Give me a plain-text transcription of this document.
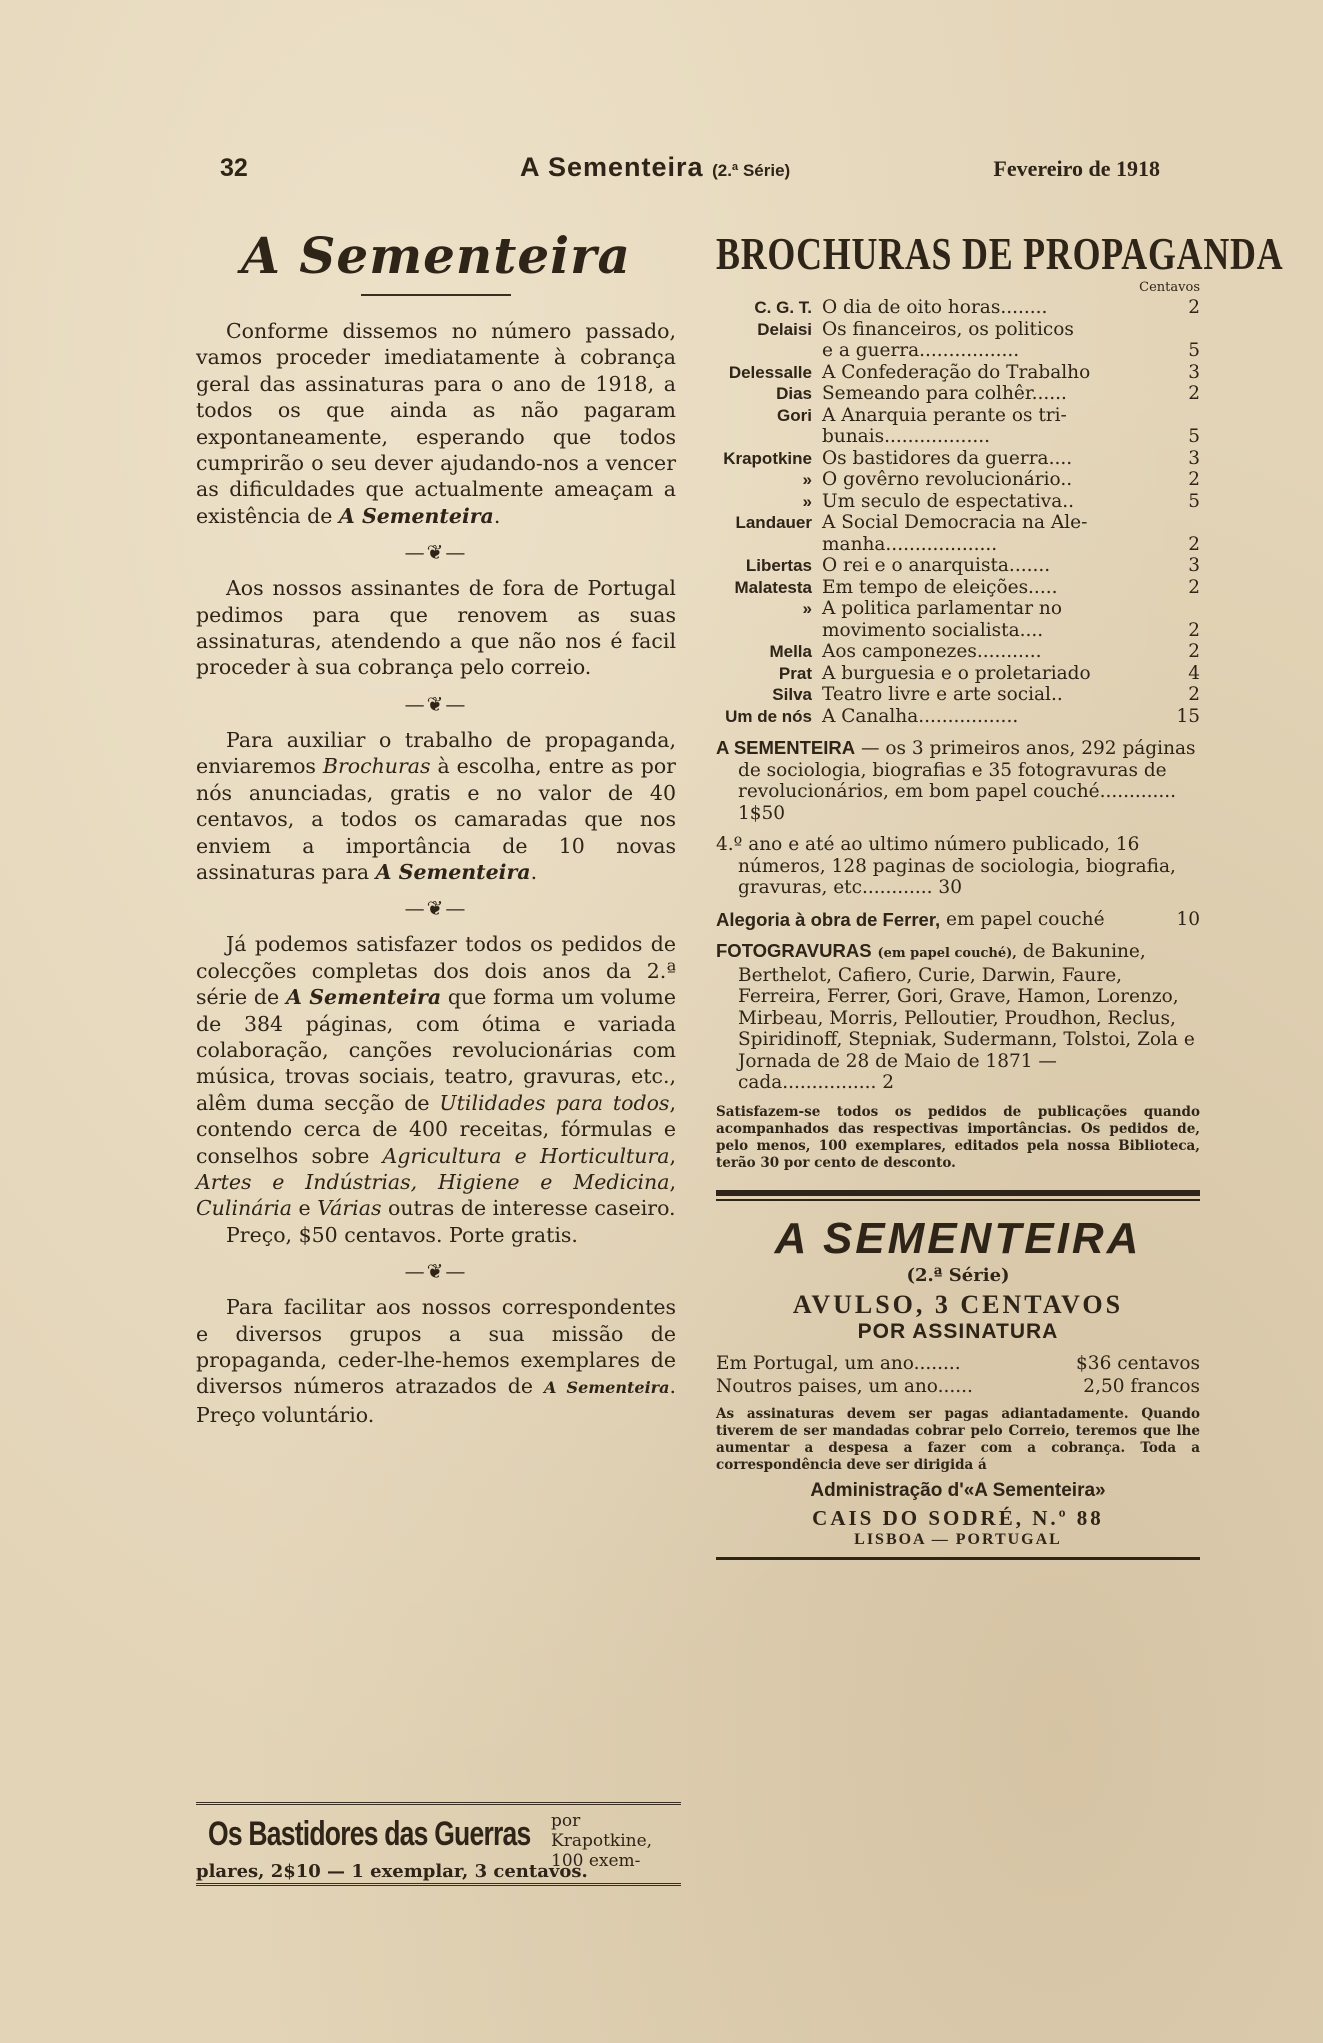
32	A Sementeira (2.ª Série)	Fevereiro de 1918
A Sementeira

Conforme dissemos no número passado, vamos proceder imediatamente à cobrança geral das assinaturas para o ano de 1918, a todos os que ainda as não pagaram expontaneamente, esperando que todos cumprirão o seu dever ajudando-nos a vencer as dificuldades que actualmente ameaçam a existência de A Sementeira.

—❦—

Aos nossos assinantes de fora de Portugal pedimos para que renovem as suas assinaturas, atendendo a que não nos é facil proceder à sua cobrança pelo correio.

—❦—

Para auxiliar o trabalho de propaganda, enviaremos Brochuras à escolha, entre as por nós anunciadas, gratis e no valor de 40 centavos, a todos os camaradas que nos enviem a importância de 10 novas assinaturas para A Sementeira.

—❦—

Já podemos satisfazer todos os pedidos de colecções completas dos dois anos da 2.ª série de A Sementeira que forma um volume de 384 páginas, com ótima e variada colaboração, canções revolucionárias com música, trovas sociais, teatro, gravuras, etc., alêm duma secção de Utilidades para todos, contendo cerca de 400 receitas, fórmulas e conselhos sobre Agricultura e Horticultura, Artes e Indústrias, Higiene e Medicina, Culinária e Várias outras de interesse caseiro.

Preço, $50 centavos. Porte gratis.

—❦—

Para facilitar aos nossos correspondentes e diversos grupos a sua missão de propaganda, ceder-lhe-hemos exemplares de diversos números atrazados de A Sementeira. Preço voluntário.

Os Bastidores das Guerras por Krapotkine, 100 exem-
plares, 2$10 — 1 exemplar, 3 centavos.
BROCHURAS DE PROPAGANDA
Centavos
C. G. T. O dia de oito horas........	2
Delaisi Os financeiros, os politicos
e a guerra.................	5
Delessalle A Confederação do Trabalho	3
Dias Semeando para colhêr......	2
Gori A Anarquia perante os tri-
bunais..................	5
Krapotkine Os bastidores da guerra....	3
» O govêrno revolucionário..	2
» Um seculo de espectativa..	5
Landauer A Social Democracia na Ale-
manha...................	2
Libertas O rei e o anarquista.......	3
Malatesta Em tempo de eleições.....	2
» A politica parlamentar no
movimento socialista....	2
Mella Aos camponezes...........	2
Prat A burguesia e o proletariado	4
Silva Teatro livre e arte social..	2
Um de nós A Canalha.................	15
A SEMENTEIRA — os 3 primeiros anos, 292 páginas de sociologia, biografias e 35 fotogravuras de revolucionários, em bom papel couché............. 1$50
4.º ano e até ao ultimo número publicado, 16 números, 128 paginas de sociologia, biografia, gravuras, etc............ 30
Alegoria à obra de Ferrer,
em papel couché	10
FOTOGRAVURAS (em papel couché), de Bakunine, Berthelot, Cafiero, Curie, Darwin, Faure, Ferreira, Ferrer, Gori, Grave, Hamon, Lorenzo, Mirbeau, Morris, Pelloutier, Proudhon, Reclus, Spiridinoff, Stepniak, Sudermann, Tolstoi, Zola e Jornada de 28 de Maio de 1871 — cada................ 2
Satisfazem-se todos os pedidos de publicações quando acompanhados das respectivas importâncias. Os pedidos de, pelo menos, 100 exemplares, editados pela nossa Biblioteca, terão 30 por cento de desconto.
A SEMENTEIRA
(2.ª Série)
AVULSO, 3 CENTAVOS
POR ASSINATURA
Em Portugal, um ano........	$36 centavos
Noutros paises, um ano......	2,50 francos
As assinaturas devem ser pagas adiantadamente. Quando tiverem de ser mandadas cobrar pelo Correio, teremos que lhe aumentar a despesa a fazer com a cobrança. Toda a correspondência deve ser dirigida á
Administração d'«A Sementeira»
CAIS DO SODRÉ, N.º 88
LISBOA — PORTUGAL
